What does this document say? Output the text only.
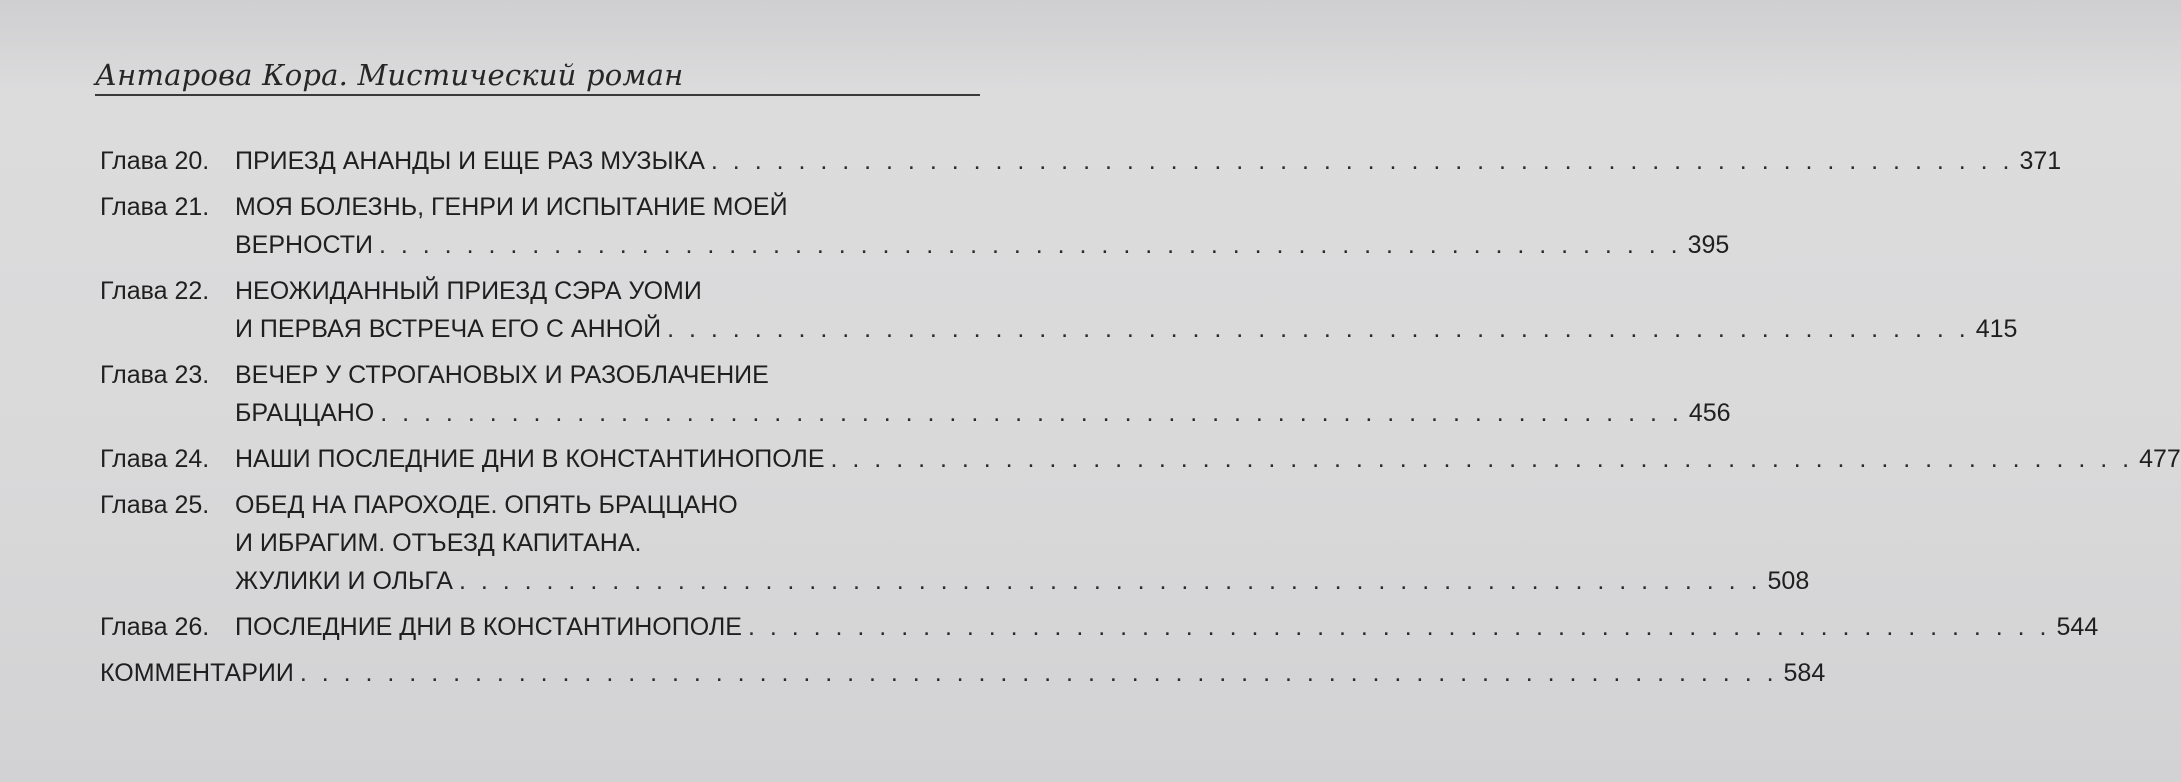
Антарова Кора. Мистический роман
Глава 20.	ПРИЕЗД АНАНДЫ И ЕЩЕ РАЗ МУЗЫКА . . . . . . . . . . . . . . . . . . . . . . . . . . . . . . . . . . . . . . . . . . . . . . . . . . . . . . . . . . . . 371
Глава 21.	МОЯ БОЛЕЗНЬ, ГЕНРИ И ИСПЫТАНИЕ МОЕЙ
ВЕРНОСТИ . . . . . . . . . . . . . . . . . . . . . . . . . . . . . . . . . . . . . . . . . . . . . . . . . . . . . . . . . . . . 395
Глава 22.	НЕОЖИДАННЫЙ ПРИЕЗД СЭРА УОМИ
И ПЕРВАЯ ВСТРЕЧА ЕГО С АННОЙ . . . . . . . . . . . . . . . . . . . . . . . . . . . . . . . . . . . . . . . . . . . . . . . . . . . . . . . . . . . . 415
Глава 23.	ВЕЧЕР У СТРОГАНОВЫХ И РАЗОБЛАЧЕНИЕ
БРАЦЦАНО . . . . . . . . . . . . . . . . . . . . . . . . . . . . . . . . . . . . . . . . . . . . . . . . . . . . . . . . . . . . 456
Глава 24.	НАШИ ПОСЛЕДНИЕ ДНИ В КОНСТАНТИНОПОЛЕ . . . . . . . . . . . . . . . . . . . . . . . . . . . . . . . . . . . . . . . . . . . . . . . . . . . . . . . . . . . . 477
Глава 25.	ОБЕД НА ПАРОХОДЕ. ОПЯТЬ БРАЦЦАНО
И ИБРАГИМ. ОТЪЕЗД КАПИТАНА.
ЖУЛИКИ И ОЛЬГА . . . . . . . . . . . . . . . . . . . . . . . . . . . . . . . . . . . . . . . . . . . . . . . . . . . . . . . . . . . . 508
Глава 26.	ПОСЛЕДНИЕ ДНИ В КОНСТАНТИНОПОЛЕ . . . . . . . . . . . . . . . . . . . . . . . . . . . . . . . . . . . . . . . . . . . . . . . . . . . . . . . . . . . . 544
КОММЕНТАРИИ . . . . . . . . . . . . . . . . . . . . . . . . . . . . . . . . . . . . . . . . . . . . . . . . . . . . . . . . . . . . . . . . . . . . 584
